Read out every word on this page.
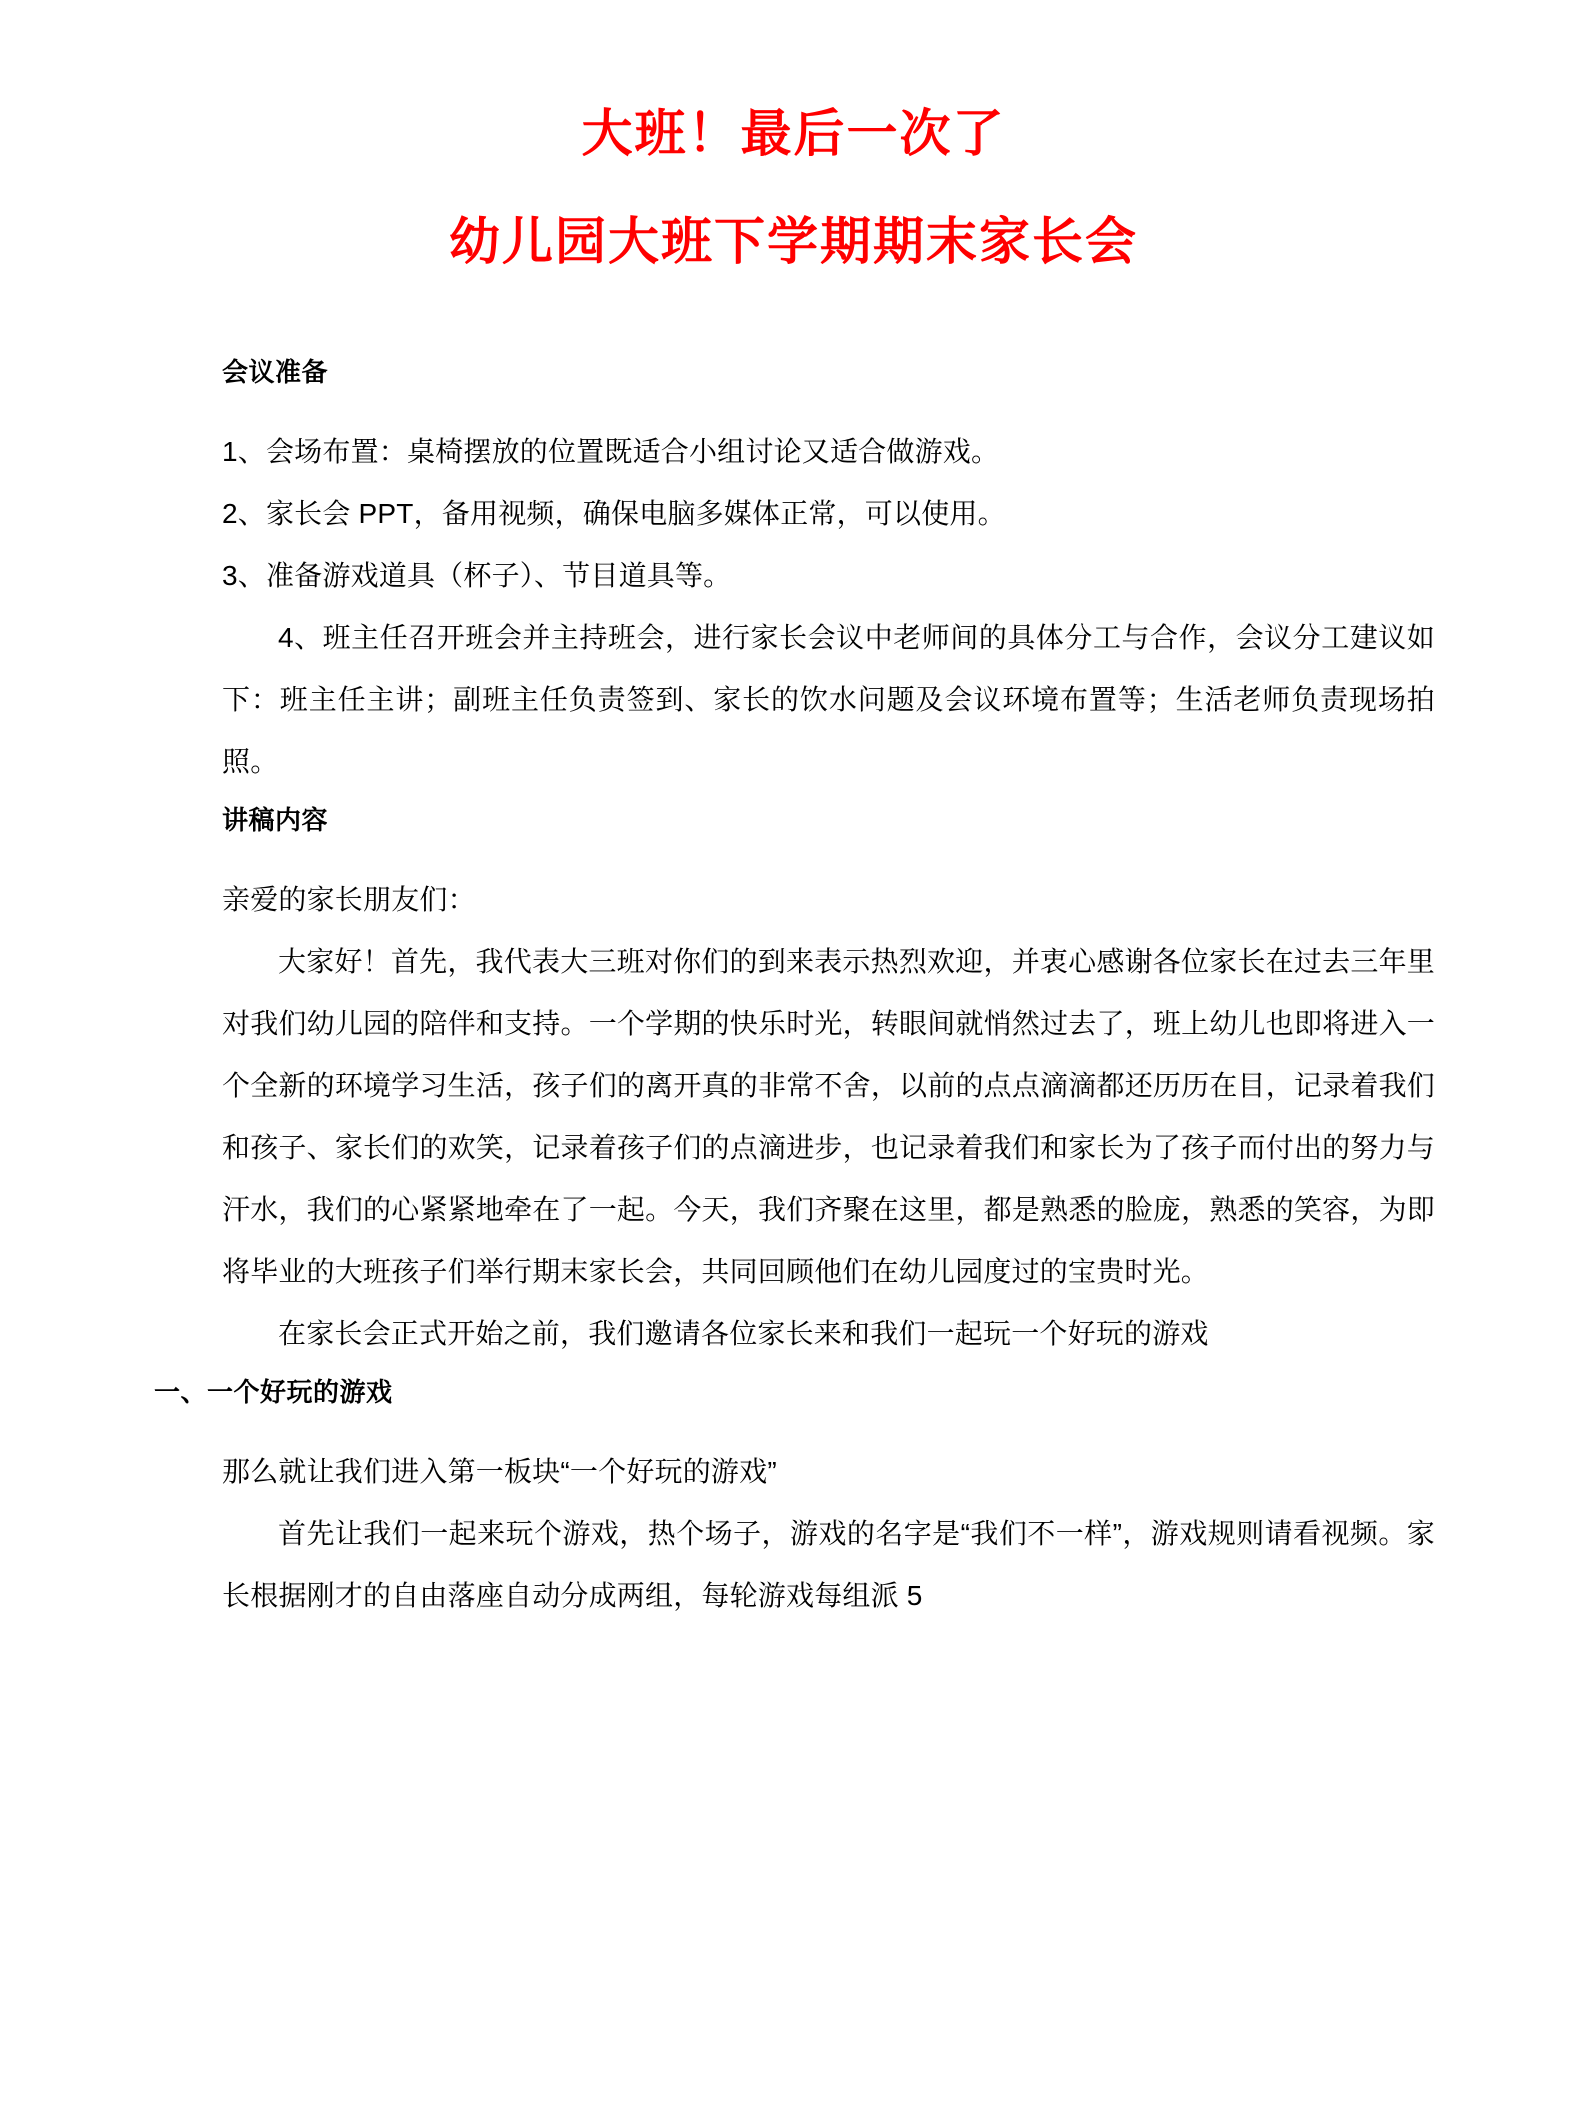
大班！最后一次了
幼儿园大班下学期期末家长会
会议准备

1、会场布置：桌椅摆放的位置既适合小组讨论又适合做游戏。

2、家长会 PPT，备用视频，确保电脑多媒体正常，可以使用。

3、准备游戏道具（杯子）、节目道具等。

4、班主任召开班会并主持班会，进行家长会议中老师间的具体分工与合作，会议分工建议如下：班主任主讲；副班主任负责签到、家长的饮水问题及会议环境布置等；生活老师负责现场拍照。

讲稿内容

亲爱的家长朋友们：

大家好！首先，我代表大三班对你们的到来表示热烈欢迎，并衷心感谢各位家长在过去三年里对我们幼儿园的陪伴和支持。一个学期的快乐时光，转眼间就悄然过去了，班上幼儿也即将进入一个全新的环境学习生活，孩子们的离开真的非常不舍，以前的点点滴滴都还历历在目，记录着我们和孩子、家长们的欢笑，记录着孩子们的点滴进步，也记录着我们和家长为了孩子而付出的努力与汗水，我们的心紧紧地牵在了一起。今天，我们齐聚在这里，都是熟悉的脸庞，熟悉的笑容，为即将毕业的大班孩子们举行期末家长会，共同回顾他们在幼儿园度过的宝贵时光。

在家长会正式开始之前，我们邀请各位家长来和我们一起玩一个好玩的游戏

一、一个好玩的游戏

那么就让我们进入第一板块“一个好玩的游戏”

首先让我们一起来玩个游戏，热个场子，游戏的名字是“我们不一样”，游戏规则请看视频。家长根据刚才的自由落座自动分成两组，每轮游戏每组派 5
